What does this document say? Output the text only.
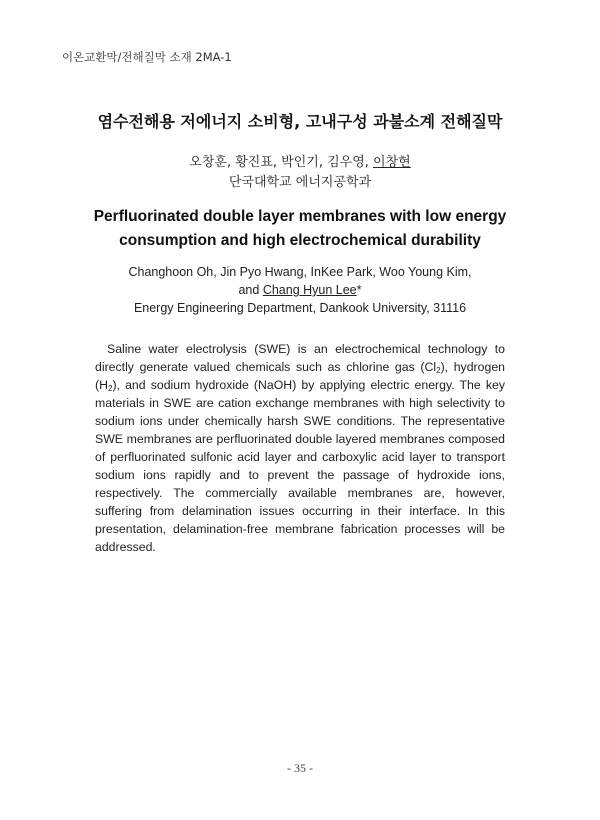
이온교환막/전해질막 소재 2MA-1
염수전해용 저에너지 소비형, 고내구성 과불소계 전해질막
오창훈, 황진표, 박인기, 김우영, 이창현
단국대학교 에너지공학과
Perfluorinated double layer membranes with low energy
consumption and high electrochemical durability
Changhoon Oh, Jin Pyo Hwang, InKee Park, Woo Young Kim,
and Chang Hyun Lee*
Energy Engineering Department, Dankook University, 31116

Saline water electrolysis (SWE) is an electrochemical technology to directly generate valued chemicals such as chlorine gas $(Cl_2)$, hydrogen $(H_2)$, and sodium hydroxide (NaOH) by applying electric energy. The key materials in SWE are cation exchange membranes with high selectivity to sodium ions under chemically harsh SWE conditions. The representative SWE membranes are perfluorinated double layered membranes composed of perfluorinated sulfonic acid layer and carboxylic acid layer to transport sodium ions rapidly and to prevent the passage of hydroxide ions, respectively. The commercially available membranes are, however, suffering from delamination issues occurring in their interface. In this presentation, delamination-free membrane fabrication processes will be addressed.

- 35 -
